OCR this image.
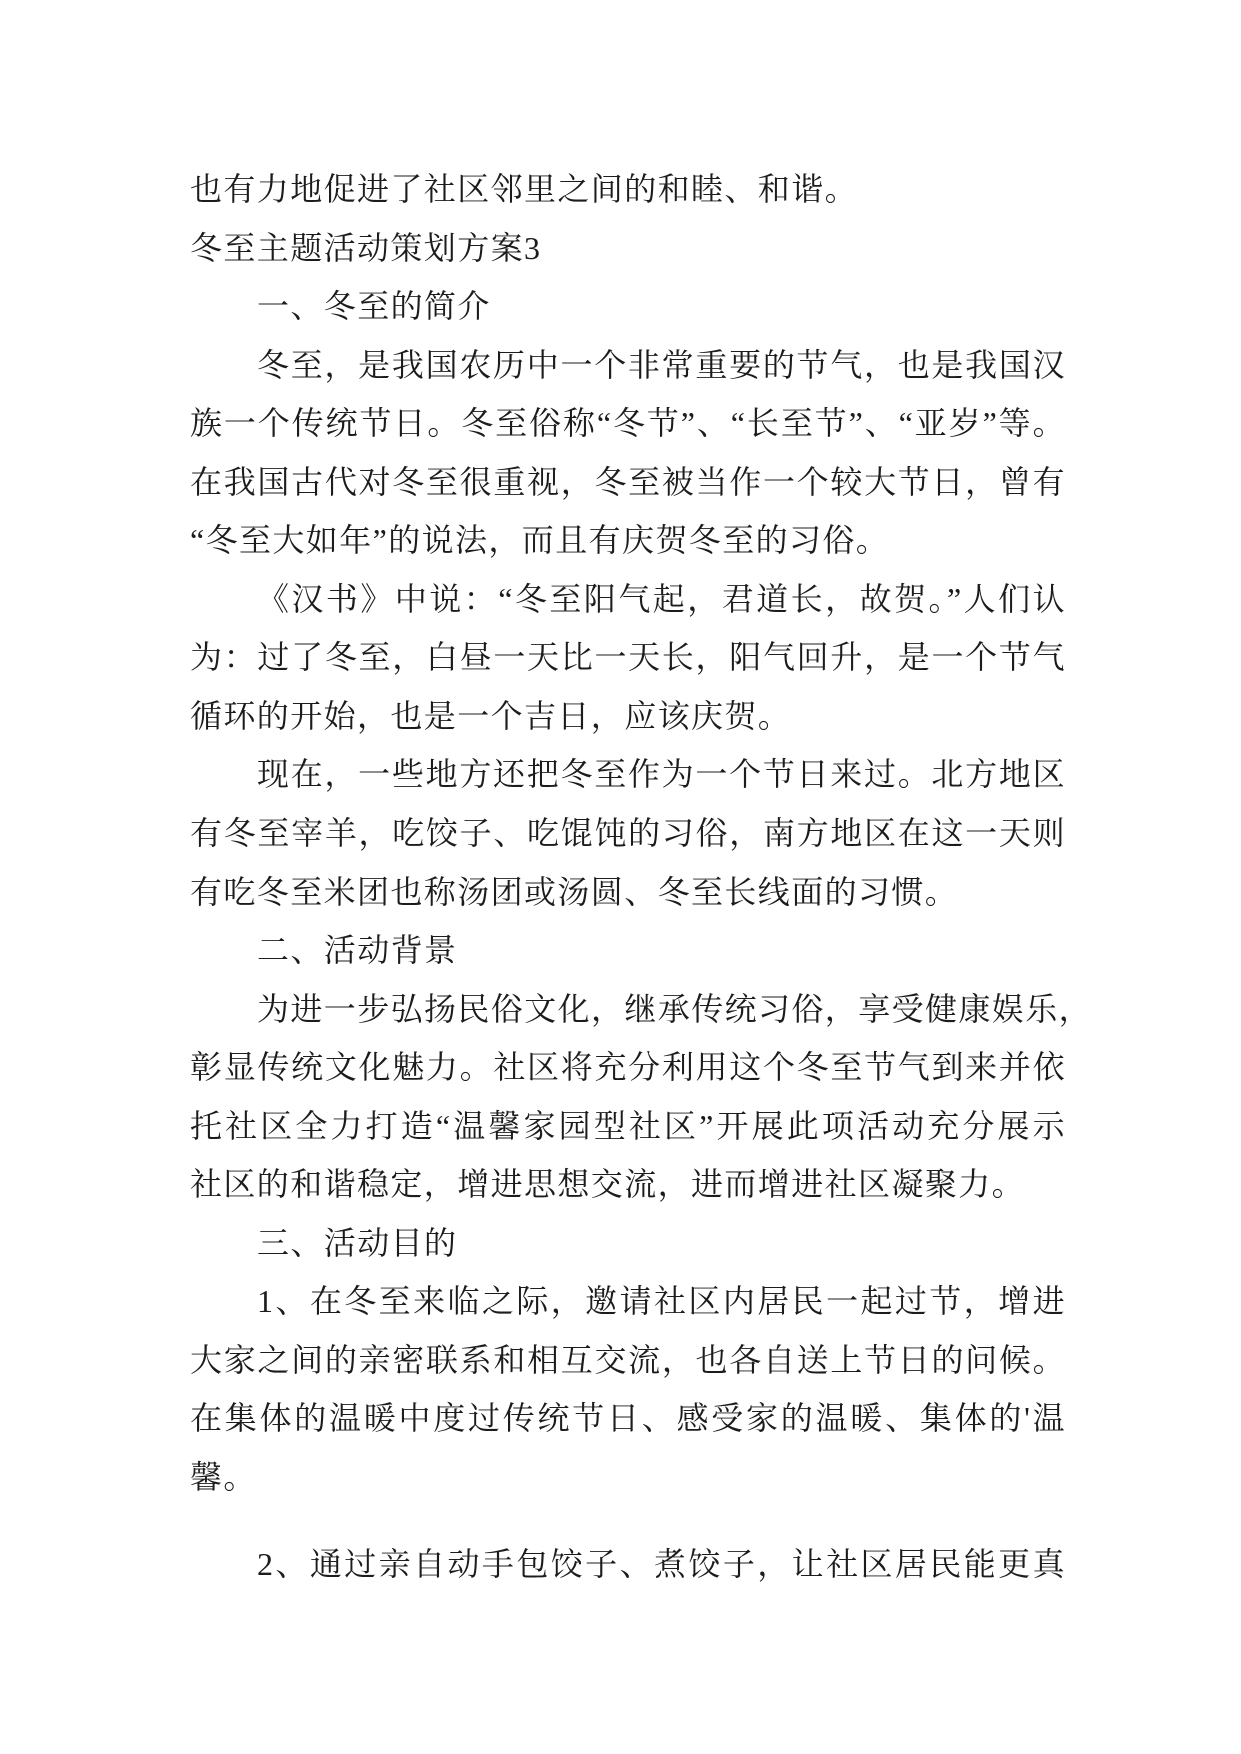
也有力地促进了社区邻里之间的和睦、和谐。
冬至主题活动策划方案3
一、冬至的简介
冬至，是我国农历中一个非常重要的节气，也是我国汉
族一个传统节日。冬至俗称“冬节”、“长至节”、“亚岁”等。
在我国古代对冬至很重视，冬至被当作一个较大节日，曾有
“冬至大如年”的说法，而且有庆贺冬至的习俗。
《汉书》中说：“冬至阳气起，君道长，故贺。”人们认
为：过了冬至，白昼一天比一天长，阳气回升，是一个节气
循环的开始，也是一个吉日，应该庆贺。
现在，一些地方还把冬至作为一个节日来过。北方地区
有冬至宰羊，吃饺子、吃馄饨的习俗，南方地区在这一天则
有吃冬至米团也称汤团或汤圆、冬至长线面的习惯。
二、活动背景
为进一步弘扬民俗文化，继承传统习俗，享受健康娱乐，
彰显传统文化魅力。社区将充分利用这个冬至节气到来并依
托社区全力打造“温馨家园型社区”开展此项活动充分展示
社区的和谐稳定，增进思想交流，进而增进社区凝聚力。
三、活动目的
1、在冬至来临之际，邀请社区内居民一起过节，增进
大家之间的亲密联系和相互交流，也各自送上节日的问候。
在集体的温暖中度过传统节日、感受家的温暖、集体的'温
馨。
2、通过亲自动手包饺子、煮饺子，让社区居民能更真
